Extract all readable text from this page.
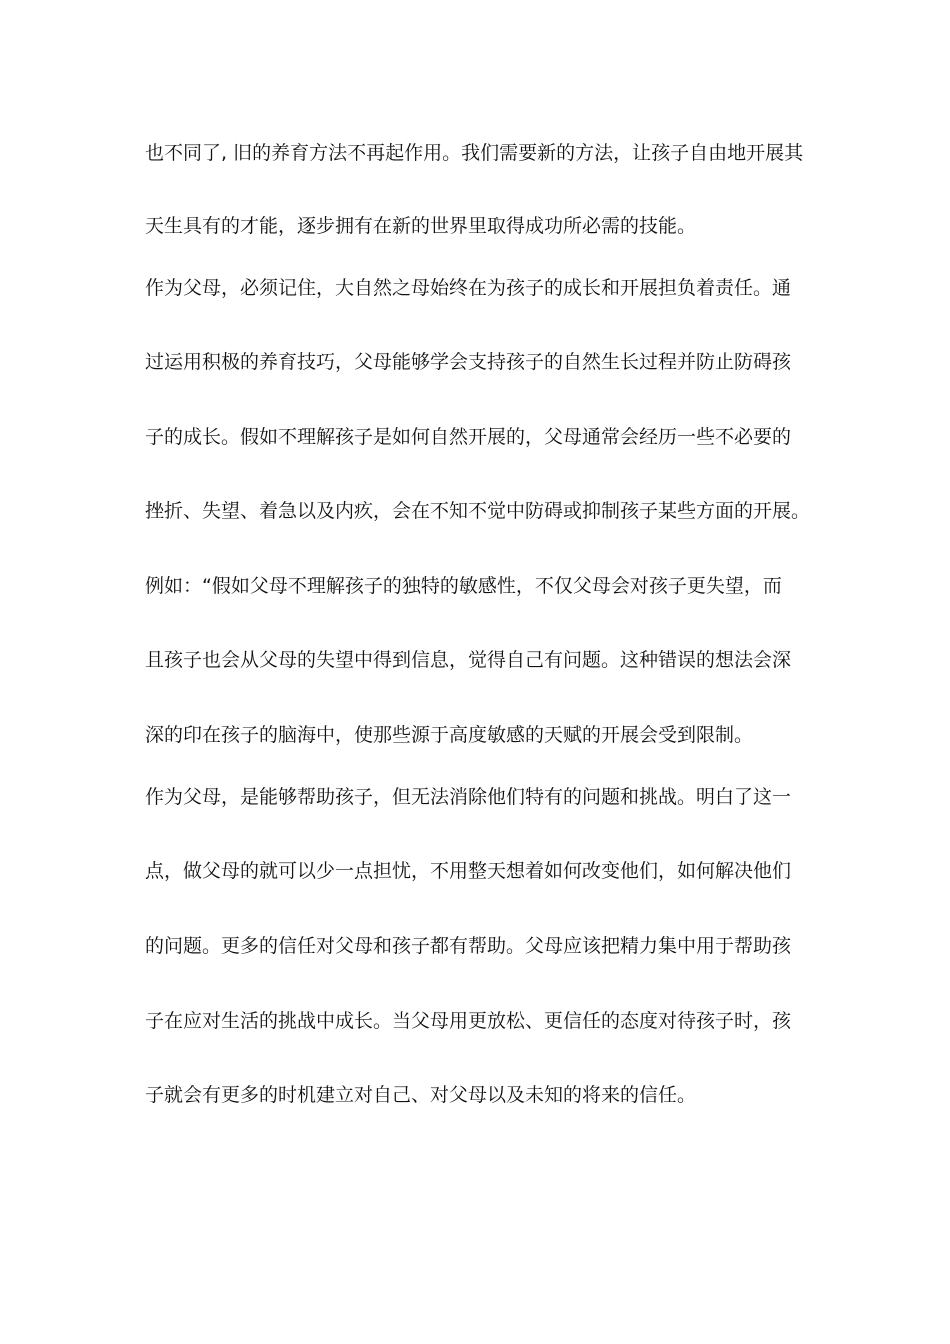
也不同了, 旧的养育方法不再起作用。我们需要新的方法，让孩子自由地开展其
天生具有的才能，逐步拥有在新的世界里取得成功所必需的技能。
作为父母，必须记住，大自然之母始终在为孩子的成长和开展担负着责任。通
过运用积极的养育技巧，父母能够学会支持孩子的自然生长过程并防止防碍孩
子的成长。假如不理解孩子是如何自然开展的，父母通常会经历一些不必要的
挫折、失望、着急以及内疚，会在不知不觉中防碍或抑制孩子某些方面的开展。
例如：“假如父母不理解孩子的独特的敏感性，不仅父母会对孩子更失望，而
且孩子也会从父母的失望中得到信息，觉得自己有问题。这种错误的想法会深
深的印在孩子的脑海中，使那些源于高度敏感的天赋的开展会受到限制。
作为父母，是能够帮助孩子，但无法消除他们特有的问题和挑战。明白了这一
点，做父母的就可以少一点担忧，不用整天想着如何改变他们，如何解决他们
的问题。更多的信任对父母和孩子都有帮助。父母应该把精力集中用于帮助孩
子在应对生活的挑战中成长。当父母用更放松、更信任的态度对待孩子时，孩
子就会有更多的时机建立对自己、对父母以及未知的将来的信任。
